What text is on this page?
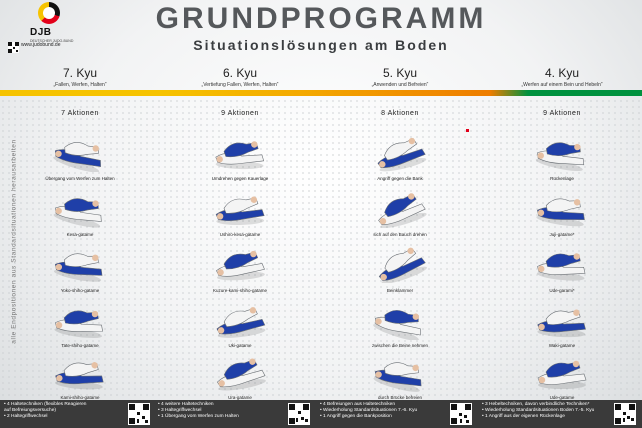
DJB
DEUTSCHER JUDO-BUND
www.judobund.de
GRUNDPROGRAMM
Situationslösungen am Boden
7. Kyu
„Fallen, Werfen, Halten“
6. Kyu
„Vertiefung Fallen, Werfen, Halten“
5. Kyu
„Anwenden und Befreien“
4. Kyu
„Werfen auf einem Bein und Hebeln“
7 Aktionen	9 Aktionen	8 Aktionen	9 Aktionen
alle Endpositionen aus Standardsituationen herausarbeiten	Übergang vom Werfen zum Halten
Kesa-gatame
Yoko-shiho-gatame
Tate-shiho-gatame
Kami-shiho-gatame
Umdrehen gegen Kauerlage
Ushiro-kesa-gatame
Kuzure-kami-shiho-gatame
Uki-gatame
Ura-gatame
Angriff gegen die Bank
sich auf den Bauch drehen
Beinklammer
zwischen die Beine nehmen
durch Brücke befreien
Rückenlage
Juji-gatame*
Ude-garami*
Waki-gatame
Ude-gatame
• 4 Haltetechniken (flexibles Reagieren
auf Befreiungsversuche)
• 2 Haltegriffwechsel
• 4 weitere Haltetechniken
• 3 Haltegriffwechsel
• 1 Übergang vom Werfen zum Halten
• 4 Befreiungen aus Haltetechniken
• Wiederholung Standardsituationen 7.-6. Kyu
• 1 Angriff gegen die Bankposition
• 3 Hebeltechniken, davon verbindliche Techniken*
• Wiederholung Standardsituationen Boden 7.-5. Kyu
• 1 Angriff aus der eigenen Rückenlage
